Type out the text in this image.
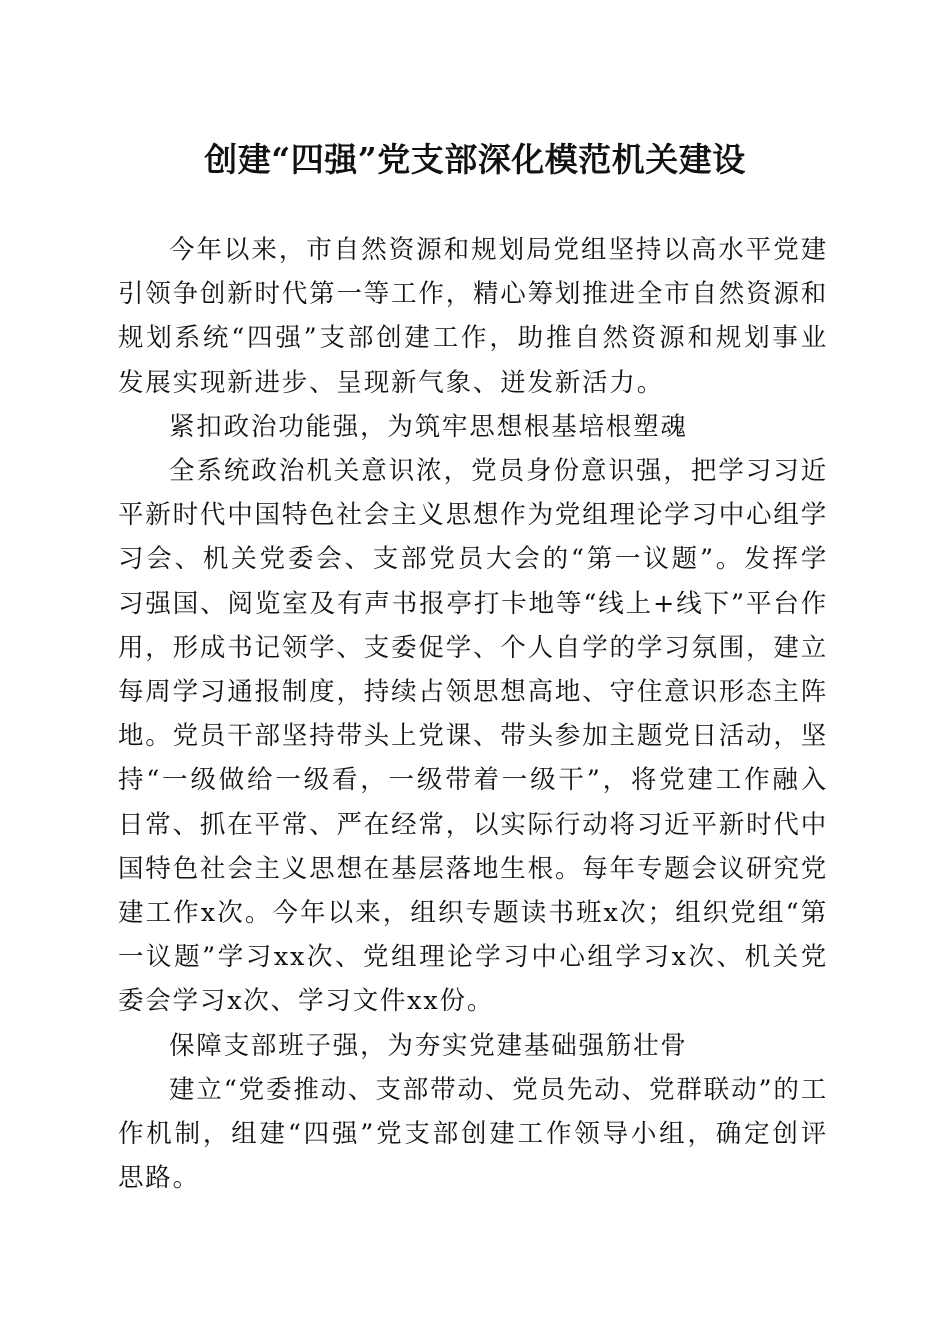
创建“四强”党支部深化模范机关建设

今年以来，市自然资源和规划局党组坚持以高水平党建引领争创新时代第一等工作，精心筹划推进全市自然资源和规划系统“四强”支部创建工作，助推自然资源和规划事业发展实现新进步、呈现新气象、迸发新活力。

紧扣政治功能强，为筑牢思想根基培根塑魂

全系统政治机关意识浓，党员身份意识强，把学习习近平新时代中国特色社会主义思想作为党组理论学习中心组学习会、机关党委会、支部党员大会的“第一议题”。发挥学习强国、阅览室及有声书报亭打卡地等“线上+线下”平台作用，形成书记领学、支委促学、个人自学的学习氛围，建立每周学习通报制度，持续占领思想高地、守住意识形态主阵地。党员干部坚持带头上党课、带头参加主题党日活动，坚持“一级做给一级看，一级带着一级干”，将党建工作融入日常、抓在平常、严在经常，以实际行动将习近平新时代中国特色社会主义思想在基层落地生根。每年专题会议研究党建工作x次。今年以来，组织专题读书班x次；组织党组“第一议题”学习xx次、党组理论学习中心组学习x次、机关党委会学习x次、学习文件xx份。

保障支部班子强，为夯实党建基础强筋壮骨

建立“党委推动、支部带动、党员先动、党群联动”的工作机制，组建“四强”党支部创建工作领导小组，确定创评思路。
